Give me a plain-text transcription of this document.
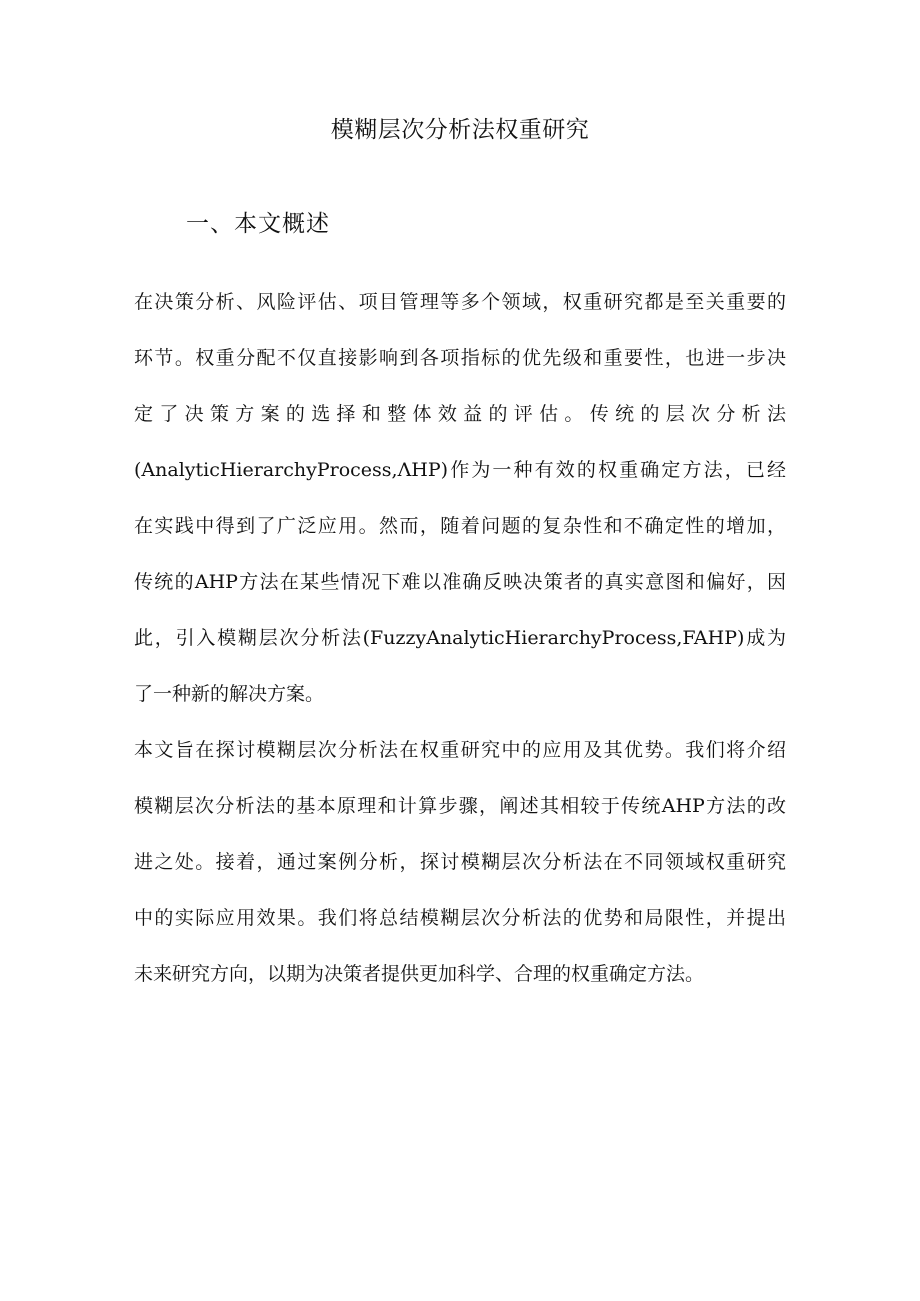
模糊层次分析法权重研究
一、本文概述
在决策分析、风险评估、项目管理等多个领域，权重研究都是至关重要的
环节。权重分配不仅直接影响到各项指标的优先级和重要性，也进一步决
定了决策方案的选择和整体效益的评估。传统的层次分析法
(AnalyticHierarchyProcess,ΛHP)作为一种有效的权重确定方法，已经
在实践中得到了广泛应用。然而，随着问题的复杂性和不确定性的增加，
传统的AHP方法在某些情况下难以准确反映决策者的真实意图和偏好，因
此，引入模糊层次分析法(FuzzyAnalyticHierarchyProcess,FAHP)成为
了一种新的解决方案。
本文旨在探讨模糊层次分析法在权重研究中的应用及其优势。我们将介绍
模糊层次分析法的基本原理和计算步骤，阐述其相较于传统AHP方法的改
进之处。接着，通过案例分析，探讨模糊层次分析法在不同领域权重研究
中的实际应用效果。我们将总结模糊层次分析法的优势和局限性，并提出
未来研究方向，以期为决策者提供更加科学、合理的权重确定方法。
